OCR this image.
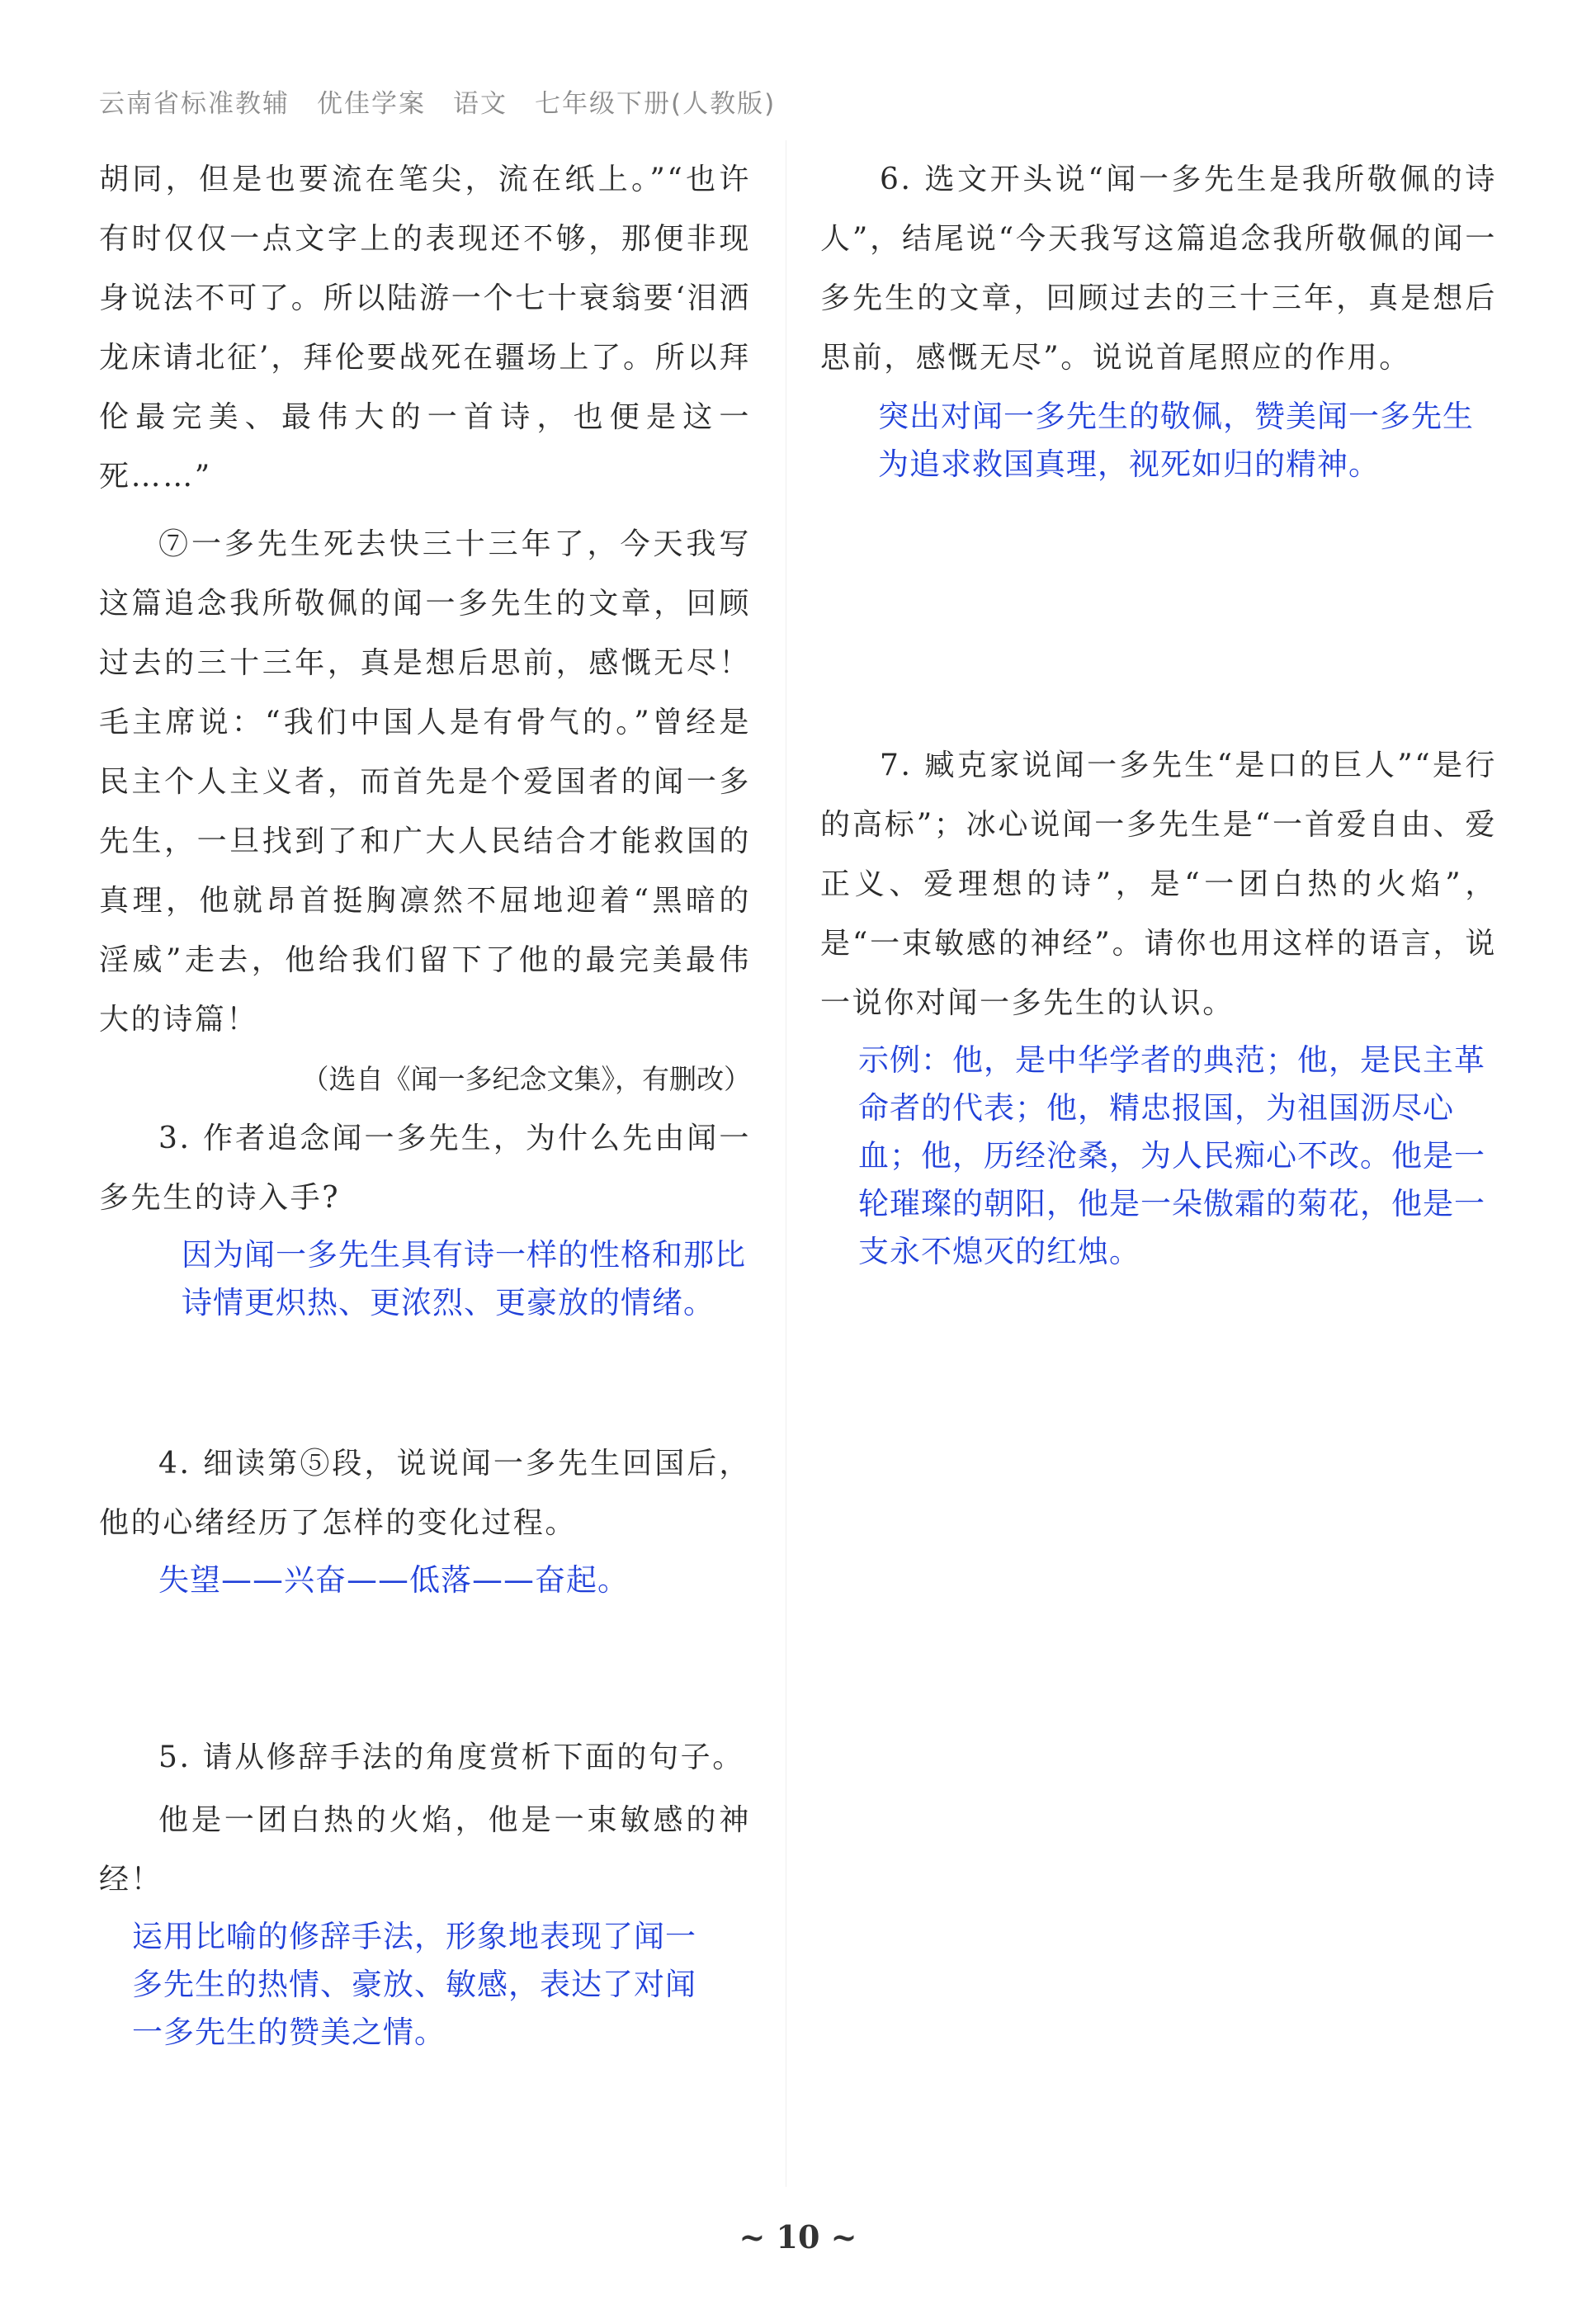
云南省标准教辅　优佳学案　语文　七年级下册(人教版)

胡同，但是也要流在笔尖，流在纸上。”“也许有时仅仅一点文字上的表现还不够，那便非现身说法不可了。所以陆游一个七十衰翁要‘泪洒龙床请北征’，拜伦要战死在疆场上了。所以拜伦最完美、最伟大的一首诗，也便是这一死……”

⑦一多先生死去快三十三年了，今天我写这篇追念我所敬佩的闻一多先生的文章，回顾过去的三十三年，真是想后思前，感慨无尽！毛主席说：“我们中国人是有骨气的。”曾经是民主个人主义者，而首先是个爱国者的闻一多先生，一旦找到了和广大人民结合才能救国的真理，他就昂首挺胸凛然不屈地迎着“黑暗的淫威”走去，他给我们留下了他的最完美最伟大的诗篇！

（选自《闻一多纪念文集》，有删改）

3. 作者追念闻一多先生，为什么先由闻一多先生的诗入手?

因为闻一多先生具有诗一样的性格和那比诗情更炽热、更浓烈、更豪放的情绪。

4. 细读第⑤段，说说闻一多先生回国后，他的心绪经历了怎样的变化过程。

失望——兴奋——低落——奋起。

5. 请从修辞手法的角度赏析下面的句子。

他是一团白热的火焰，他是一束敏感的神经！

运用比喻的修辞手法，形象地表现了闻一多先生的热情、豪放、敏感，表达了对闻一多先生的赞美之情。

6. 选文开头说“闻一多先生是我所敬佩的诗人”，结尾说“今天我写这篇追念我所敬佩的闻一多先生的文章，回顾过去的三十三年，真是想后思前，感慨无尽”。说说首尾照应的作用。

突出对闻一多先生的敬佩，赞美闻一多先生为追求救国真理，视死如归的精神。

7. 臧克家说闻一多先生“是口的巨人”“是行的高标”；冰心说闻一多先生是“一首爱自由、爱正义、爱理想的诗”，是“一团白热的火焰”，是“一束敏感的神经”。请你也用这样的语言，说一说你对闻一多先生的认识。

示例：他，是中华学者的典范；他，是民主革命者的代表；他，精忠报国，为祖国沥尽心血；他，历经沧桑，为人民痴心不改。他是一轮璀璨的朝阳，他是一朵傲霜的菊花，他是一支永不熄灭的红烛。

~ 10 ~
